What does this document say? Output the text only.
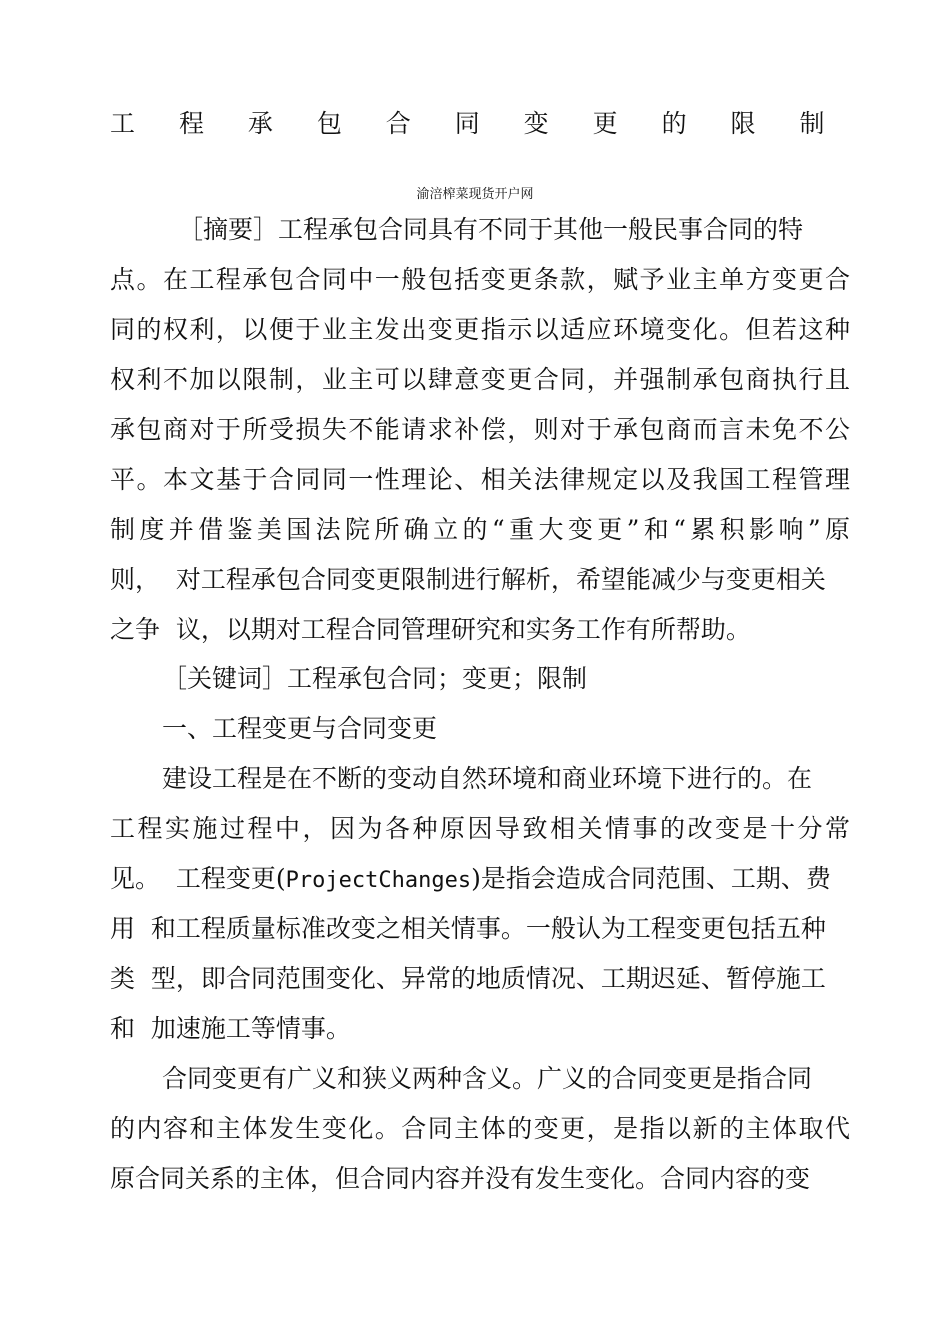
工 程 承 包 合 同 变 更 的 限 制
渝涪榨菜现货开户网
［摘要］工程承包合同具有不同于其他一般民事合同的特
点。在工程承包合同中一般包括变更条款，赋予业主单方变更合
同的权利，以便于业主发出变更指示以适应环境变化。但若这种
权利不加以限制，业主可以肆意变更合同，并强制承包商执行且
承包商对于所受损失不能请求补偿，则对于承包商而言未免不公
平。本文基于合同同一性理论、相关法律规定以及我国工程管理
制度并借鉴美国法院所确立的“重大变更”和“累积影响”原
则，  对工程承包合同变更限制进行解析，希望能减少与变更相关
之争  议，以期对工程合同管理研究和实务工作有所帮助。
［关键词］工程承包合同；变更；限制
一、工程变更与合同变更
建设工程是在不断的变动自然环境和商业环境下进行的。在
工程实施过程中，因为各种原因导致相关情事的改变是十分常
见。  工程变更(ProjectChanges)是指会造成合同范围、工期、费
用  和工程质量标准改变之相关情事。一般认为工程变更包括五种
类  型，即合同范围变化、异常的地质情况、工期迟延、暂停施工
和  加速施工等情事。
合同变更有广义和狭义两种含义。广义的合同变更是指合同
的内容和主体发生变化。合同主体的变更，是指以新的主体取代
原合同关系的主体，但合同内容并没有发生变化。合同内容的变
